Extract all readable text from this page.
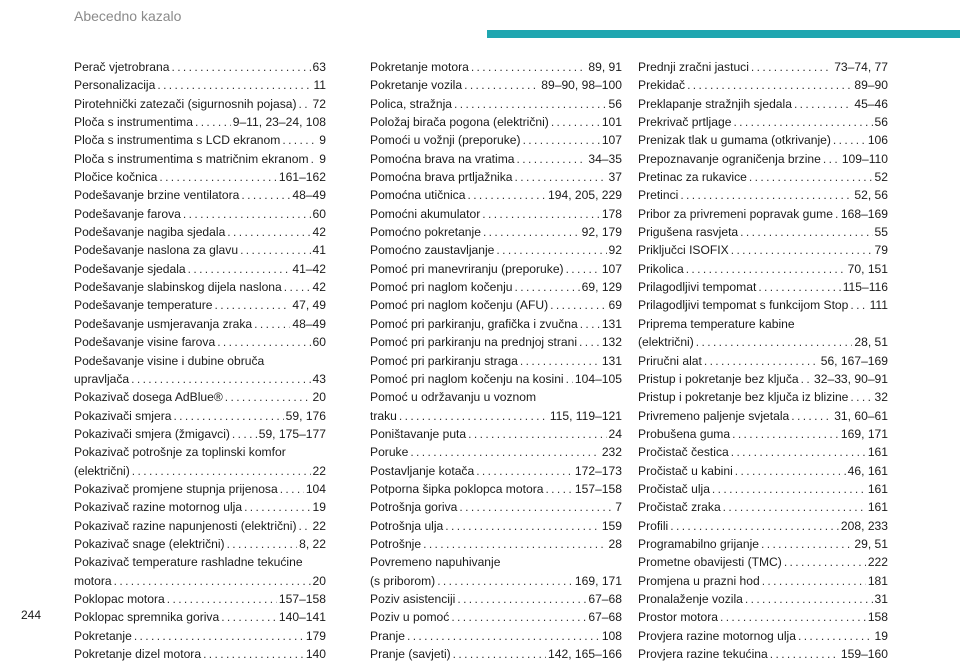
Abecedno kazalo
Perač vjetrobrana . . .	63
Personalizacija . . .	11
Pirotehnički zatezači (sigurnosnih pojasa) . . . 72
Ploča s instrumentima . . .	9–11, 23–24, 108
Ploča s instrumentima s LCD ekranom . . .	9
Ploča s instrumentima s matričnim ekranom . . . 9
Pločice kočnica . . .	161–162
Podešavanje brzine ventilatora . . .	48–49
Podešavanje farova . . .	60
Podešavanje nagiba sjedala . . .	42
Podešavanje naslona za glavu . . .	41
Podešavanje sjedala . . .	41–42
Podešavanje slabinskog dijela naslona . . .	42
Podešavanje temperature . . .	47, 49
Podešavanje usmjeravanja zraka . . .	48–49
Podešavanje visine farova . . .	60
Podešavanje visine i dubine obruča
upravljača . . .	43
Pokazivač dosega AdBlue® . . .	20
Pokazivači smjera . . .	59, 176
Pokazivači smjera (žmigavci) . . . 59, 175–177
Pokazivač potrošnje za toplinski komfor
(električni) . . .	22
Pokazivač promjene stupnja prijenosa . . . 104
Pokazivač razine motornog ulja . . .	19
Pokazivač razine napunjenosti (električni) . . . 22
Pokazivač snage (električni) . . .	8, 22
Pokazivač temperature rashladne tekućine
motora . . .	20
Poklopac motora . . .	157–158
Poklopac spremnika goriva . . .	140–141
Pokretanje . . .	179
Pokretanje dizel motora . . .	140
Pokretanje motora . . .	89, 91
Pokretanje vozila . . .	89–90, 98–100
Polica, stražnja . . .	56
Položaj birača pogona (električni) . . .	101
Pomoći u vožnji (preporuke) . . .	107
Pomoćna brava na vratima . . .	34–35
Pomoćna brava prtljažnika . . .	37
Pomoćna utičnica . . .	194, 205, 229
Pomoćni akumulator . . .	178
Pomoćno pokretanje . . .	92, 179
Pomoćno zaustavljanje . . .	92
Pomoć pri manevriranju (preporuke) . . .	107
Pomoć pri naglom kočenju . . .	69, 129
Pomoć pri naglom kočenju (AFU) . . .	69
Pomoć pri parkiranju, grafička i zvučna . . . 131
Pomoć pri parkiranju na prednjoj strani . . . 132
Pomoć pri parkiranju straga . . .	131
Pomoć pri naglom kočenju na kosini . . . 104–105
Pomoć u održavanju u voznom
traku . . .	115, 119–121
Poništavanje puta . . .	24
Poruke . . .	232
Postavljanje kotača . . .	172–173
Potporna šipka poklopca motora . . .	157–158
Potrošnja goriva . . .	7
Potrošnja ulja . . .	159
Potrošnje . . .	28
Povremeno napuhivanje
(s priborom) . . .	169, 171
Poziv asistenciji . . .	67–68
Poziv u pomoć . . .	67–68
Pranje . . .	108
Pranje (savjeti) . . .	142, 165–166
Prednji zračni jastuci . . .	73–74, 77
Prekidač . . .	89–90
Preklapanje stražnjih sjedala . . .	45–46
Prekrivač prtljage . . .	56
Prenizak tlak u gumama (otkrivanje) . . .	106
Prepoznavanje ograničenja brzine . . . 109–110
Pretinac za rukavice . . .	52
Pretinci . . .	52, 56
Pribor za privremeni popravak gume . . . 168–169
Prigušena rasvjeta . . .	55
Priključci ISOFIX . . .	79
Prikolica . . .	70, 151
Prilagodljivi tempomat . . .	115–116
Prilagodljivi tempomat s funkcijom Stop . . . 111
Priprema temperature kabine
(električni) . . .	28, 51
Priručni alat . . .	56, 167–169
Pristup i pokretanje bez ključa . . . 32–33, 90–91
Pristup i pokretanje bez ključa iz blizine . . . 32
Privremeno paljenje svjetala . . .	31, 60–61
Probušena guma . . .	169, 171
Pročistač čestica . . .	161
Pročistač u kabini . . .	46, 161
Pročistač ulja . . .	161
Pročistač zraka . . .	161
Profili . . .	208, 233
Programabilno grijanje . . .	29, 51
Prometne obavijesti (TMC) . . .	222
Promjena u prazni hod . . .	181
Pronalaženje vozila . . .	31
Prostor motora . . .	158
Provjera razine motornog ulja . . .	19
Provjera razine tekućina . . .	159–160
244
